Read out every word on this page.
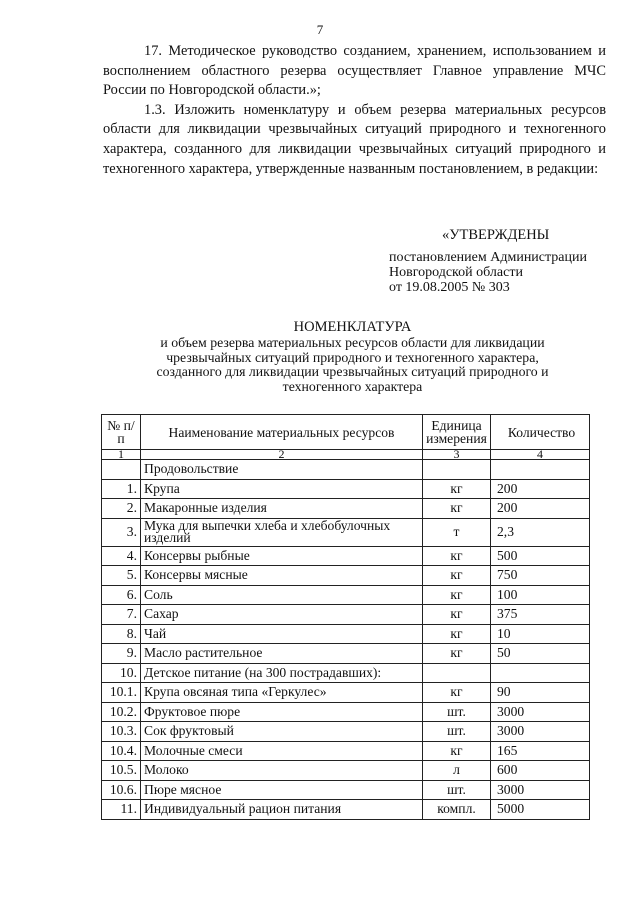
7

17. Методическое руководство созданием, хранением, использованием и восполнением областного резерва осуществляет Главное управление МЧС России по Новгородской области.»;

1.3. Изложить номенклатуру и объем резерва материальных ресурсов области для ликвидации чрезвычайных ситуаций природного и техногенного характера, созданного для ликвидации чрезвычайных ситуаций природного и техногенного характера, утвержденные названным постановлением, в редакции:

«УТВЕРЖДЕНЫ
постановлением Администрации
Новгородской области
от 19.08.2005 № 303
НОМЕНКЛАТУРА
и объем резерва материальных ресурсов области для ликвидации
чрезвычайных ситуаций природного и техногенного характера,
созданного для ликвидации чрезвычайных ситуаций природного и
техногенного характера
№ п/п	Наименование материальных ресурсов	Единица измерения	Количество
1	2	3	4
	Продовольствие		
1.	Крупа	кг	200
2.	Макаронные изделия	кг	200
3.	Мука для выпечки хлеба и хлебобулочных изделий	т	2,3
4.	Консервы рыбные	кг	500
5.	Консервы мясные	кг	750
6.	Соль	кг	100
7.	Сахар	кг	375
8.	Чай	кг	10
9.	Масло растительное	кг	50
10.	Детское питание (на 300 пострадавших):		
10.1.	Крупа овсяная типа «Геркулес»	кг	90
10.2.	Фруктовое пюре	шт.	3000
10.3.	Сок фруктовый	шт.	3000
10.4.	Молочные смеси	кг	165
10.5.	Молоко	л	600
10.6.	Пюре мясное	шт.	3000
11.	Индивидуальный рацион питания	компл.	5000
